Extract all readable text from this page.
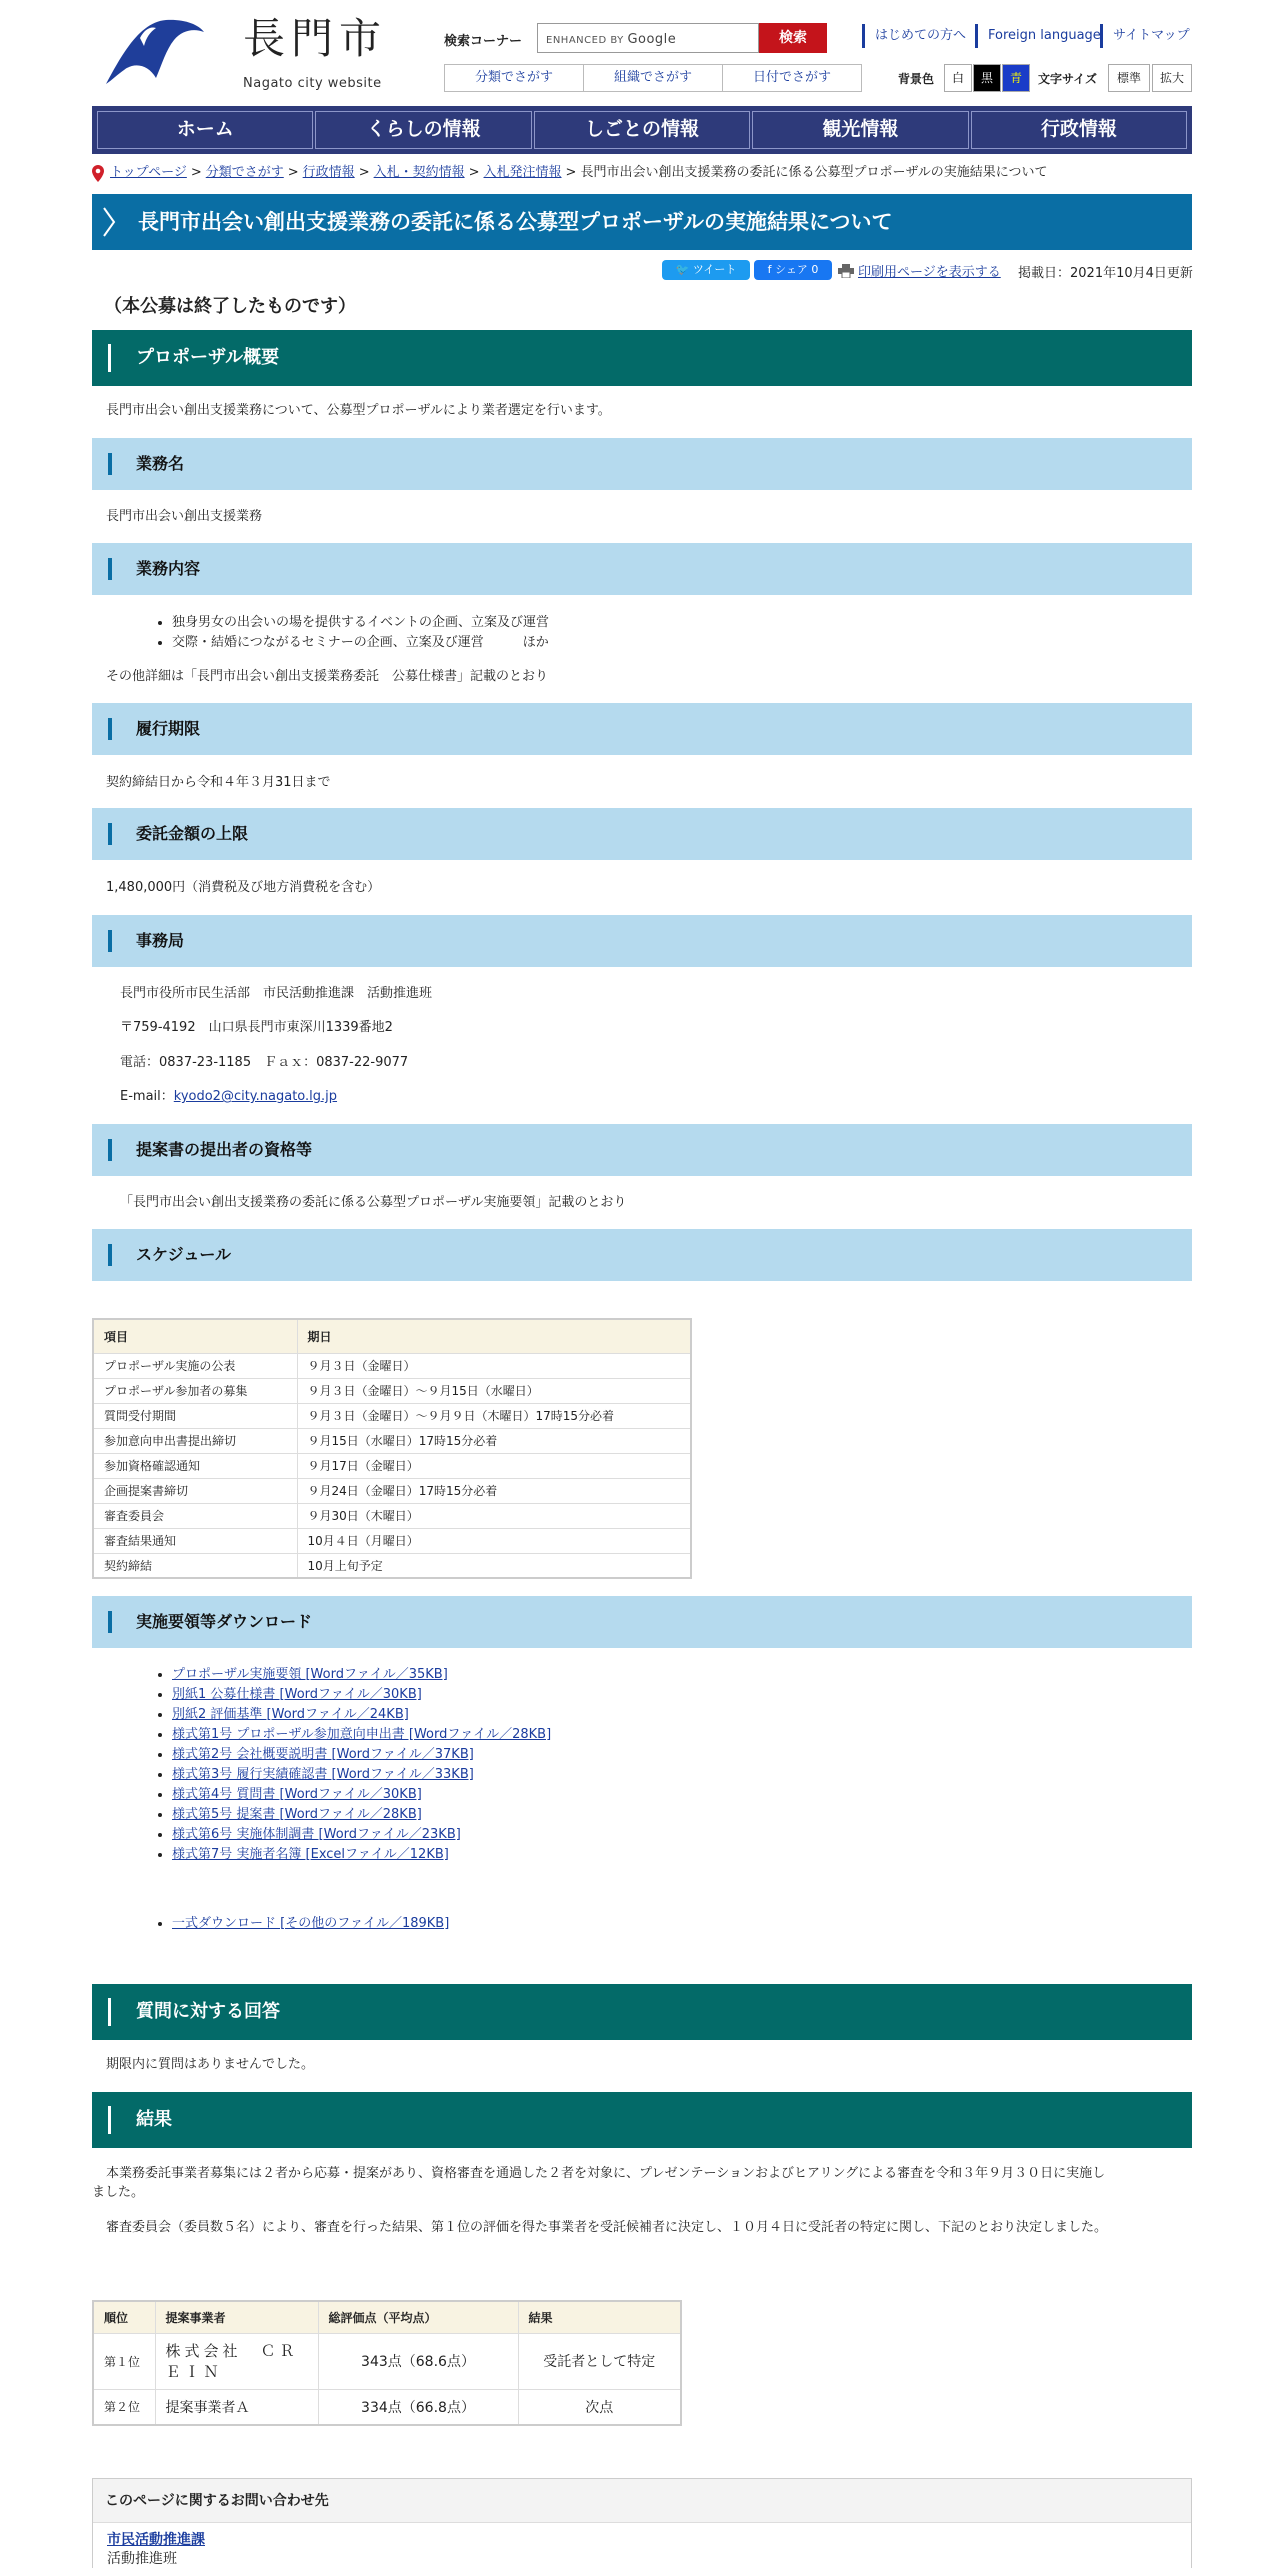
長門市
Nagato city website
検索コーナー	ENHANCED BY Google	検索	はじめての方へ	Foreign language サイトマップ
分類でさがす	組織でさがす	日付でさがす	背景色	白	黒	青	文字サイズ	標準	拡大
ホーム	くらしの情報	しごとの情報	観光情報	行政情報
トップページ > 分類でさがす > 行政情報 > 入札・契約情報 > 入札発注情報 > 長門市出会い創出支援業務の委託に係る公募型プロポーザルの実施結果について
長門市出会い創出支援業務の委託に係る公募型プロポーザルの実施結果について
🐦 ツイート	f シェア 0	印刷用ページを表示する 掲載日：2021年10月4日更新
（本公募は終了したものです）
プロポーザル概要
長門市出会い創出支援業務について、公募型プロポーザルにより業者選定を行います。
業務名
長門市出会い創出支援業務
業務内容
• 独身男女の出会いの場を提供するイベントの企画、立案及び運営
• 交際・結婚につながるセミナーの企画、立案及び運営　　　ほか
その他詳細は「長門市出会い創出支援業務委託　公募仕様書」記載のとおり
履行期限
契約締結日から令和４年３月31日まで
委託金額の上限
1,480,000円（消費税及び地方消費税を含む）
事務局
長門市役所市民生活部　市民活動推進課　活動推進班
〒759-4192　山口県長門市東深川1339番地2
電話：0837-23-1185　Ｆａｘ：0837-22-9077
E-mail：kyodo2@city.nagato.lg.jp
提案書の提出者の資格等
「長門市出会い創出支援業務の委託に係る公募型プロポーザル実施要領」記載のとおり
スケジュール
項目	期日
プロポーザル実施の公表	９月３日（金曜日）
プロポーザル参加者の募集	９月３日（金曜日）～９月15日（水曜日）
質問受付期間	９月３日（金曜日）～９月９日（木曜日）17時15分必着
参加意向申出書提出締切	９月15日（水曜日）17時15分必着
参加資格確認通知	９月17日（金曜日）
企画提案書締切	９月24日（金曜日）17時15分必着
審査委員会	９月30日（木曜日）
審査結果通知	10月４日（月曜日）
契約締結	10月上旬予定
実施要領等ダウンロード
• プロポーザル実施要領 [Wordファイル／35KB]
• 別紙1 公募仕様書 [Wordファイル／30KB]
• 別紙2 評価基準 [Wordファイル／24KB]
• 様式第1号 プロポーザル参加意向申出書 [Wordファイル／28KB]
• 様式第2号 会社概要説明書 [Wordファイル／37KB]
• 様式第3号 履行実績確認書 [Wordファイル／33KB]
• 様式第4号 質問書 [Wordファイル／30KB]
• 様式第5号 提案書 [Wordファイル／28KB]
• 様式第6号 実施体制調書 [Wordファイル／23KB]
• 様式第7号 実施者名簿 [Excelファイル／12KB]
• 一式ダウンロード [その他のファイル／189KB]
質問に対する回答
期限内に質問はありませんでした。
結果
本業務委託事業者募集には２者から応募・提案があり、資格審査を通過した２者を対象に、プレゼンテーションおよびヒアリングによる審査を令和３年９月３０日に実施し
ました。
審査委員会（委員数５名）により、審査を行った結果、第１位の評価を得た事業者を受託候補者に決定し、１０月４日に受託者の特定に関し、下記のとおり決定しました。
順位	提案事業者	総評価点（平均点）	結果
第１位	株式会社　ＣＲＥＩＮ	343点（68.6点）	受託者として特定
第２位	提案事業者Ａ	334点（66.8点）	次点
このページに関するお問い合わせ先
市民活動推進課
活動推進班
